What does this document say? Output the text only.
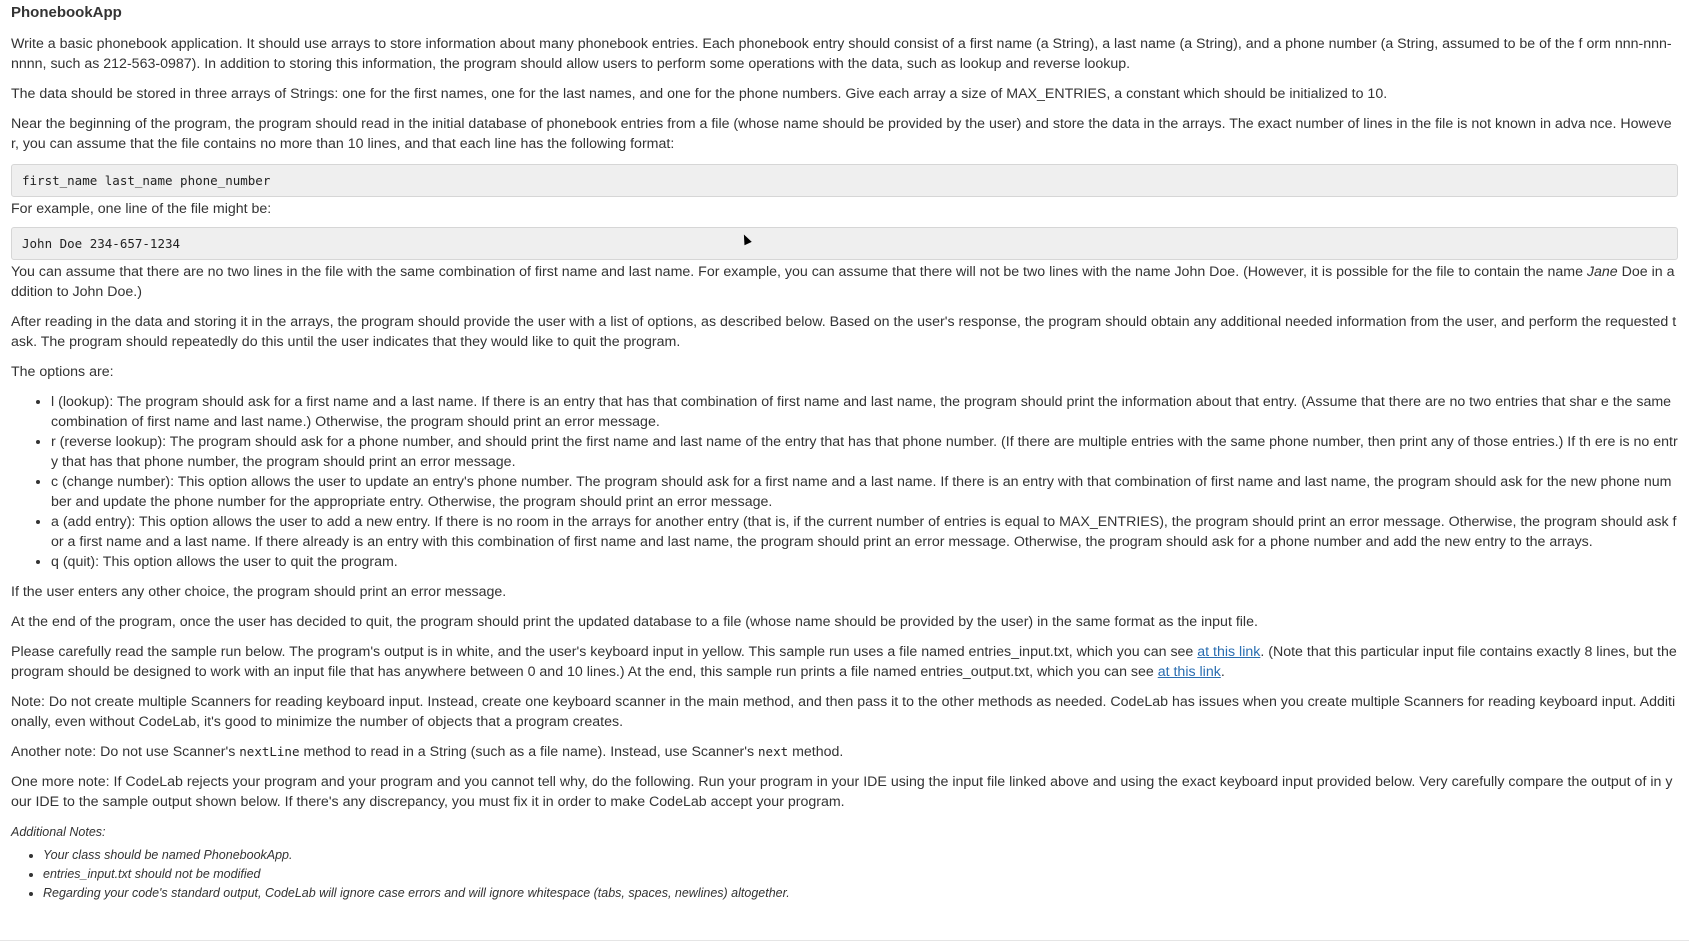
PhonebookApp

Write a basic phonebook application. It should use arrays to store information about many phonebook entries. Each phonebook entry should consist of a first name (a String), a last name (a String), and a phone number (a String, assumed to be of the f orm nnn-nnn-nnnn, such as 212-563-0987). In addition to storing this information, the program should allow users to perform some operations with the data, such as lookup and reverse lookup.

The data should be stored in three arrays of Strings: one for the first names, one for the last names, and one for the phone numbers. Give each array a size of MAX_ENTRIES, a constant which should be initialized to 10.

Near the beginning of the program, the program should read in the initial database of phonebook entries from a file (whose name should be provided by the user) and store the data in the arrays. The exact number of lines in the file is not known in adva nce. However, you can assume that the file contains no more than 10 lines, and that each line has the following format:

first_name last_name phone_number

For example, one line of the file might be:

John Doe 234-657-1234

You can assume that there are no two lines in the file with the same combination of first name and last name. For example, you can assume that there will not be two lines with the name John Doe. (However, it is possible for the file to contain the name Jane Doe in addition to John Doe.)

After reading in the data and storing it in the arrays, the program should provide the user with a list of options, as described below. Based on the user's response, the program should obtain any additional needed information from the user, and perform the requested task. The program should repeatedly do this until the user indicates that they would like to quit the program.

The options are:

• l (lookup): The program should ask for a first name and a last name. If there is an entry that has that combination of first name and last name, the program should print the information about that entry. (Assume that there are no two entries that shar e the same combination of first name and last name.) Otherwise, the program should print an error message.
• r (reverse lookup): The program should ask for a phone number, and should print the first name and last name of the entry that has that phone number. (If there are multiple entries with the same phone number, then print any of those entries.) If th ere is no entry that has that phone number, the program should print an error message.
• c (change number): This option allows the user to update an entry's phone number. The program should ask for a first name and a last name. If there is an entry with that combination of first name and last name, the program should ask for the new phone number and update the phone number for the appropriate entry. Otherwise, the program should print an error message.
• a (add entry): This option allows the user to add a new entry. If there is no room in the arrays for another entry (that is, if the current number of entries is equal to MAX_ENTRIES), the program should print an error message. Otherwise, the program should ask for a first name and a last name. If there already is an entry with this combination of first name and last name, the program should print an error message. Otherwise, the program should ask for a phone number and add the new entry to the arrays.
• q (quit): This option allows the user to quit the program.

If the user enters any other choice, the program should print an error message.

At the end of the program, once the user has decided to quit, the program should print the updated database to a file (whose name should be provided by the user) in the same format as the input file.

Please carefully read the sample run below. The program's output is in white, and the user's keyboard input in yellow. This sample run uses a file named entries_input.txt, which you can see at this link. (Note that this particular input file contains exactly 8 lines, but the program should be designed to work with an input file that has anywhere between 0 and 10 lines.) At the end, this sample run prints a file named entries_output.txt, which you can see at this link.

Note: Do not create multiple Scanners for reading keyboard input. Instead, create one keyboard scanner in the main method, and then pass it to the other methods as needed. CodeLab has issues when you create multiple Scanners for reading keyboard input. Additionally, even without CodeLab, it's good to minimize the number of objects that a program creates.

Another note: Do not use Scanner's nextLine method to read in a String (such as a file name). Instead, use Scanner's next method.

One more note: If CodeLab rejects your program and your program and you cannot tell why, do the following. Run your program in your IDE using the input file linked above and using the exact keyboard input provided below. Very carefully compare the output of in your IDE to the sample output shown below. If there's any discrepancy, you must fix it in order to make CodeLab accept your program.

Additional Notes:
• Your class should be named PhonebookApp.
• entries_input.txt should not be modified
• Regarding your code's standard output, CodeLab will ignore case errors and will ignore whitespace (tabs, spaces, newlines) altogether.
